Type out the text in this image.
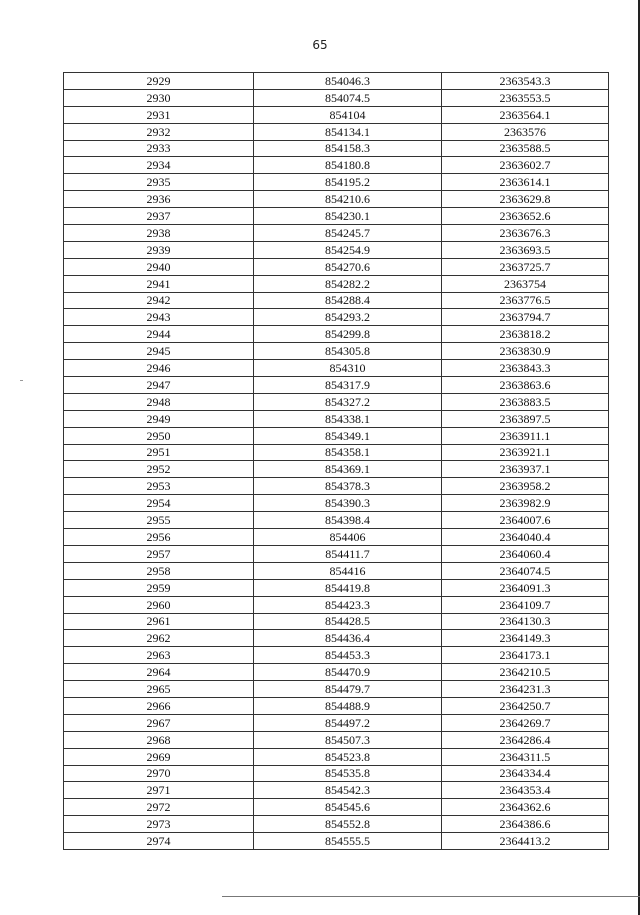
65
2929	854046.3	2363543.3
2930	854074.5	2363553.5
2931	854104	2363564.1
2932	854134.1	2363576
2933	854158.3	2363588.5
2934	854180.8	2363602.7
2935	854195.2	2363614.1
2936	854210.6	2363629.8
2937	854230.1	2363652.6
2938	854245.7	2363676.3
2939	854254.9	2363693.5
2940	854270.6	2363725.7
2941	854282.2	2363754
2942	854288.4	2363776.5
2943	854293.2	2363794.7
2944	854299.8	2363818.2
2945	854305.8	2363830.9
2946	854310	2363843.3
2947	854317.9	2363863.6
2948	854327.2	2363883.5
2949	854338.1	2363897.5
2950	854349.1	2363911.1
2951	854358.1	2363921.1
2952	854369.1	2363937.1
2953	854378.3	2363958.2
2954	854390.3	2363982.9
2955	854398.4	2364007.6
2956	854406	2364040.4
2957	854411.7	2364060.4
2958	854416	2364074.5
2959	854419.8	2364091.3
2960	854423.3	2364109.7
2961	854428.5	2364130.3
2962	854436.4	2364149.3
2963	854453.3	2364173.1
2964	854470.9	2364210.5
2965	854479.7	2364231.3
2966	854488.9	2364250.7
2967	854497.2	2364269.7
2968	854507.3	2364286.4
2969	854523.8	2364311.5
2970	854535.8	2364334.4
2971	854542.3	2364353.4
2972	854545.6	2364362.6
2973	854552.8	2364386.6
2974	854555.5	2364413.2
